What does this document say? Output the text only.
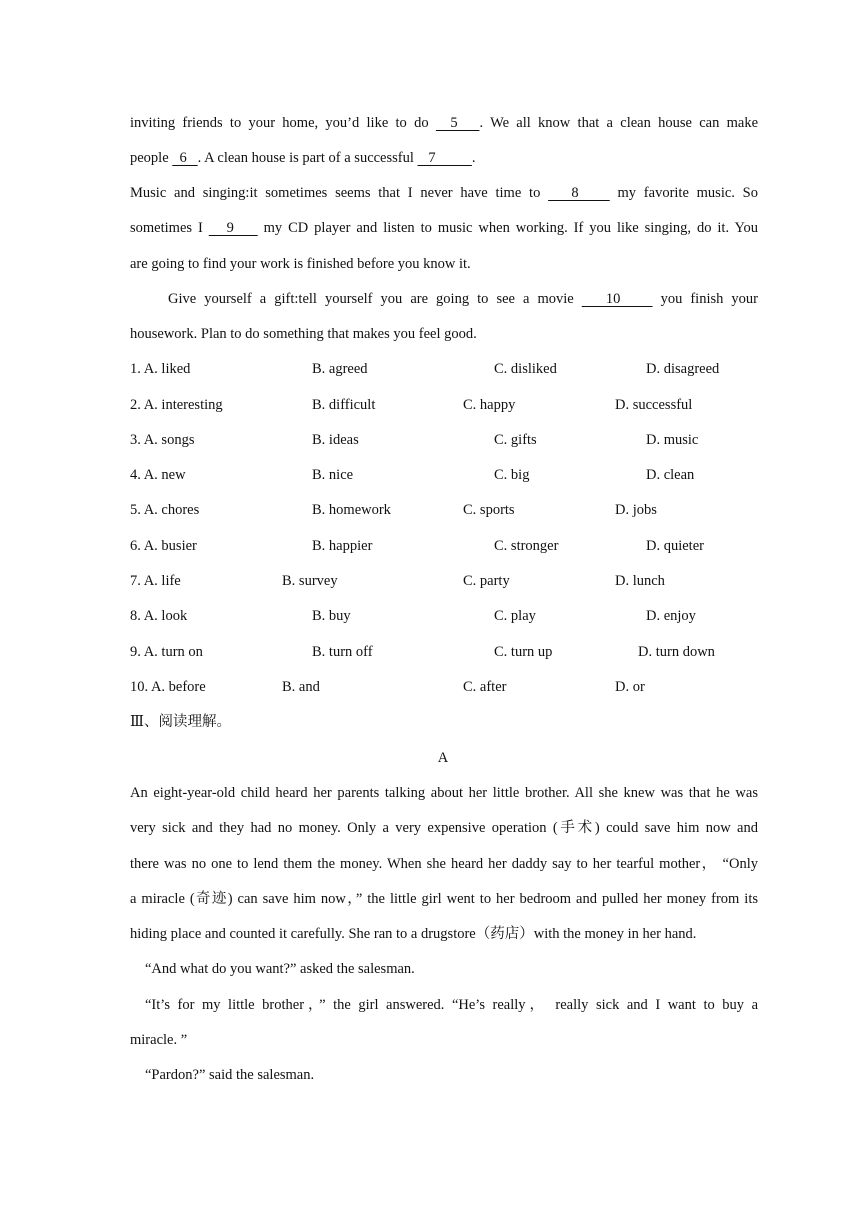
inviting friends to your home, you’d like to do   5   . We all know that a clean house can make
people   6   . A clean house is part of a successful    7          .
Music and singing:it sometimes seems that I never have time to    8     my favorite music. So
sometimes I    9     my CD player and listen to music when working. If you like singing, do it. You
are going to find your work is finished before you know it.
Give yourself a gift:tell yourself you are going to see a movie    10     you finish your
housework. Plan to do something that makes you feel good.
1. A. liked	B. agreed	C. disliked	D. disagreed
2. A. interesting	B. difficult	C. happy	D. successful
3. A. songs	B. ideas	C. gifts	D. music
4. A. new	B. nice	C. big	D. clean
5. A. chores	B. homework	C. sports	D. jobs
6. A. busier	B. happier	C. stronger	D. quieter
7. A. life	B. survey	C. party	D. lunch
8. A. look	B. buy	C. play	D. enjoy
9. A. turn on	B. turn off	C. turn up	D. turn down
10. A. before	B. and	C. after	D. or
Ⅲ、阅读理解。
A
An eight-year-old child heard her parents talking about her little brother. All she knew was that he was
very sick and they had no money. Only a very expensive operation (手术) could save him now and
there was no one to lend them the money. When she heard her daddy say to her tearful mother， “Only
a miracle (奇迹) can save him now，” the little girl went to her bedroom and pulled her money from its
hiding place and counted it carefully. She ran to a drugstore（药店）with the money in her hand.
“And what do you want?” asked the salesman.
“It’s for my little brother，” the girl answered. “He’s really， really sick and I want to buy a
miracle. ”
“Pardon?” said the salesman.
